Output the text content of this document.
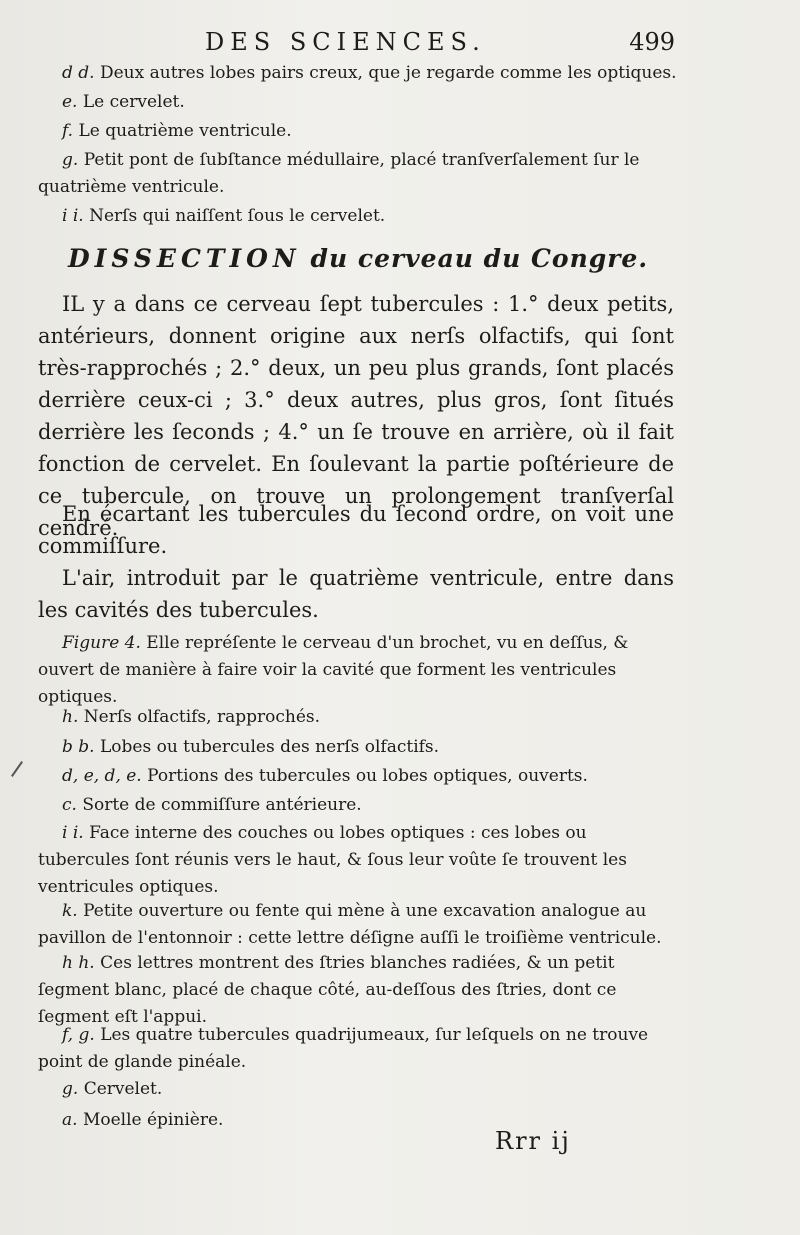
DES SCIENCES.	499

d d. Deux autres lobes pairs creux, que je regarde comme les optiques.

e. Le cervelet.

f. Le quatrième ventricule.

g. Petit pont de ſubſtance médullaire, placé tranſverſalement ſur le quatrième ventricule.

i i. Nerſs qui naiſſent ſous le cervelet.

DISSECTION du cerveau du Congre.

IL y a dans ce cerveau ſept tubercules : 1.° deux petits, antérieurs, donnent origine aux nerſs olfactifs, qui ſont très-rapprochés ; 2.° deux, un peu plus grands, ſont placés derrière ceux-ci ; 3.° deux autres, plus gros, ſont ſitués derrière les ſeconds ; 4.° un ſe trouve en arrière, où il fait fonction de cervelet. En ſoulevant la partie poſtérieure de ce tubercule, on trouve un prolongement tranſverſal cendré.

En écartant les tubercules du ſecond ordre, on voit une commiſſure.

L'air, introduit par le quatrième ventricule, entre dans les cavités des tubercules.

Figure 4. Elle repréſente le cerveau d'un brochet, vu en deſſus, & ouvert de manière à faire voir la cavité que forment les ventricules optiques.

h. Nerſs olfactifs, rapprochés.

b b. Lobes ou tubercules des nerſs olfactifs.

d, e, d, e. Portions des tubercules ou lobes optiques, ouverts.

c. Sorte de commiſſure antérieure.

i i. Face interne des couches ou lobes optiques : ces lobes ou tubercules ſont réunis vers le haut, & ſous leur voûte ſe trouvent les ventricules optiques.

k. Petite ouverture ou fente qui mène à une excavation analogue au pavillon de l'entonnoir : cette lettre déſigne auſſi le troiſième ventricule.

h h. Ces lettres montrent des ſtries blanches radiées, & un petit ſegment blanc, placé de chaque côté, au-deſſous des ſtries, dont ce ſegment eſt l'appui.

f, g. Les quatre tubercules quadrijumeaux, ſur leſquels on ne trouve point de glande pinéale.

g. Cervelet.

a. Moelle épinière.

Rrr ij
